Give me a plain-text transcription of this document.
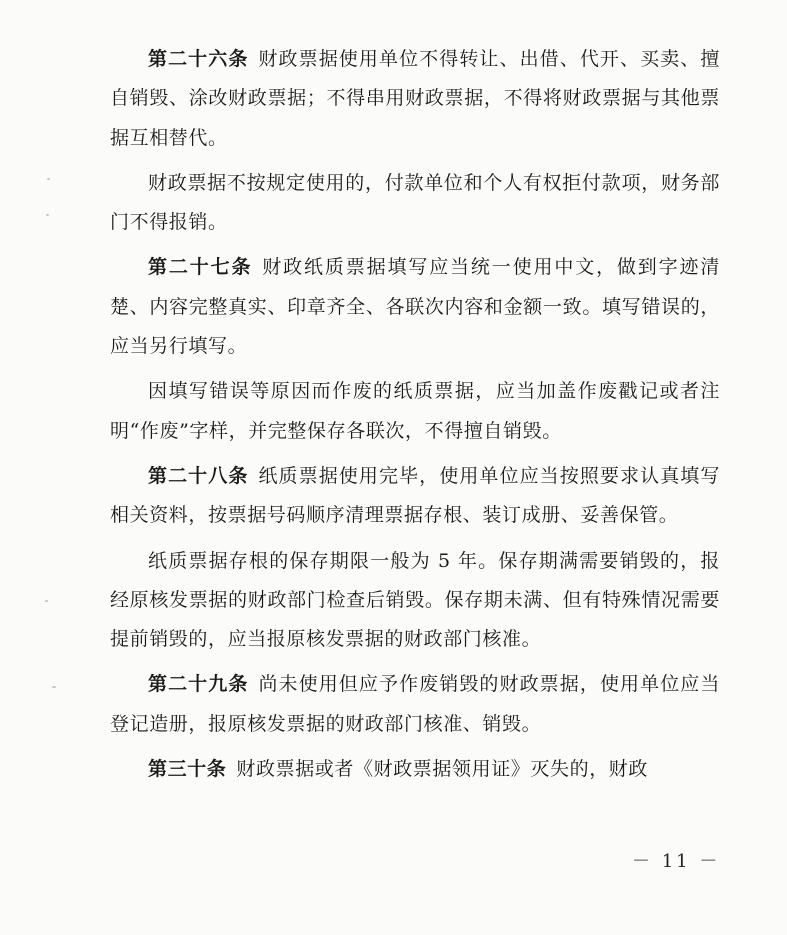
第二十六条 财政票据使用单位不得转让、出借、代开、买卖、擅自销毁、涂改财政票据；不得串用财政票据，不得将财政票据与其他票据互相替代。

财政票据不按规定使用的，付款单位和个人有权拒付款项，财务部门不得报销。

第二十七条 财政纸质票据填写应当统一使用中文，做到字迹清楚、内容完整真实、印章齐全、各联次内容和金额一致。填写错误的，应当另行填写。

因填写错误等原因而作废的纸质票据，应当加盖作废戳记或者注明“作废”字样，并完整保存各联次，不得擅自销毁。

第二十八条 纸质票据使用完毕，使用单位应当按照要求认真填写相关资料，按票据号码顺序清理票据存根、装订成册、妥善保管。

纸质票据存根的保存期限一般为 5 年。保存期满需要销毁的，报经原核发票据的财政部门检查后销毁。保存期未满、但有特殊情况需要提前销毁的，应当报原核发票据的财政部门核准。

第二十九条 尚未使用但应予作废销毁的财政票据，使用单位应当登记造册，报原核发票据的财政部门核准、销毁。

第三十条 财政票据或者《财政票据领用证》灭失的，财政

－ 11 －
